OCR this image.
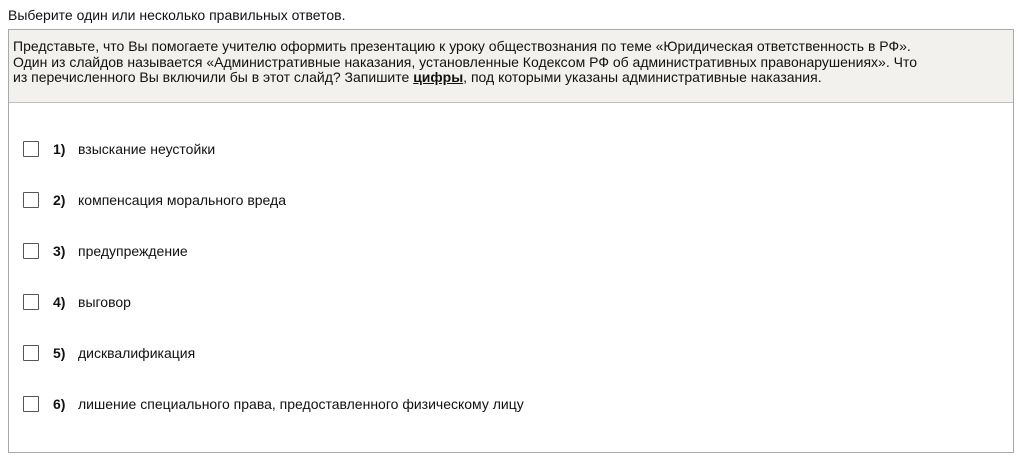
Выберите один или несколько правильных ответов.
Представьте, что Вы помогаете учителю оформить презентацию к уроку обществознания по теме «Юридическая ответственность в РФ».
Один из слайдов называется «Административные наказания, установленные Кодексом РФ об административных правонарушениях». Что
из перечисленного Вы включили бы в этот слайд? Запишите цифры, под которыми указаны административные наказания.
1) взыскание неустойки
2) компенсация морального вреда
3) предупреждение
4) выговор
5) дисквалификация
6) лишение специального права, предоставленного физическому лицу
